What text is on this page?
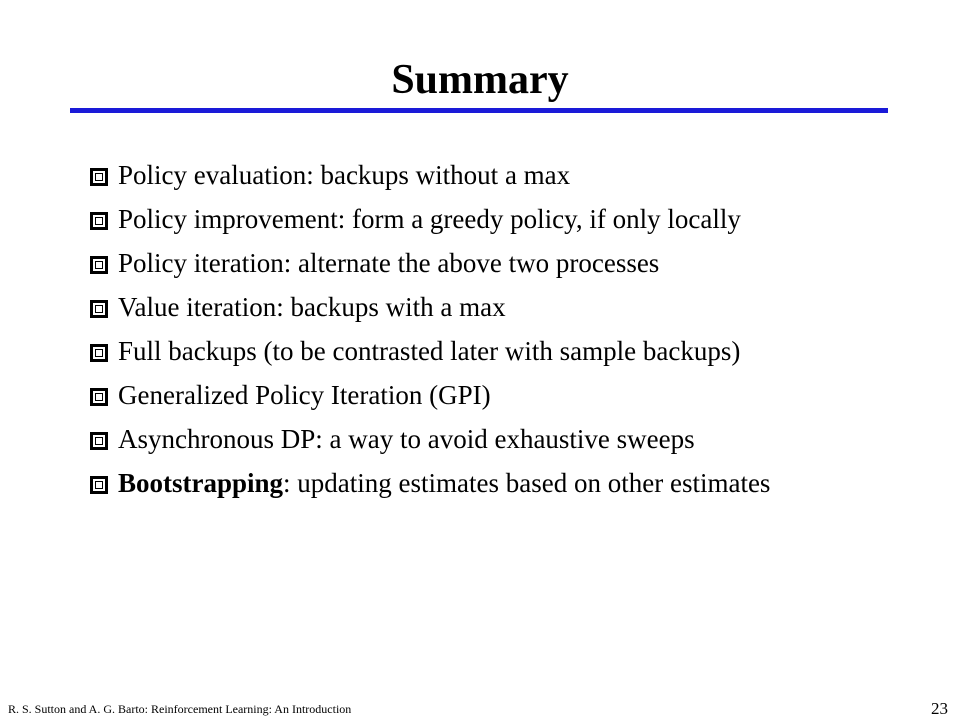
Summary
Policy evaluation: backups without a max
Policy improvement: form a greedy policy, if only locally
Policy iteration: alternate the above two processes
Value iteration: backups with a max
Full backups (to be contrasted later with sample backups)
Generalized Policy Iteration (GPI)
Asynchronous DP: a way to avoid exhaustive sweeps
Bootstrapping: updating estimates based on other estimates
R. S. Sutton and A. G. Barto: Reinforcement Learning: An Introduction	23
